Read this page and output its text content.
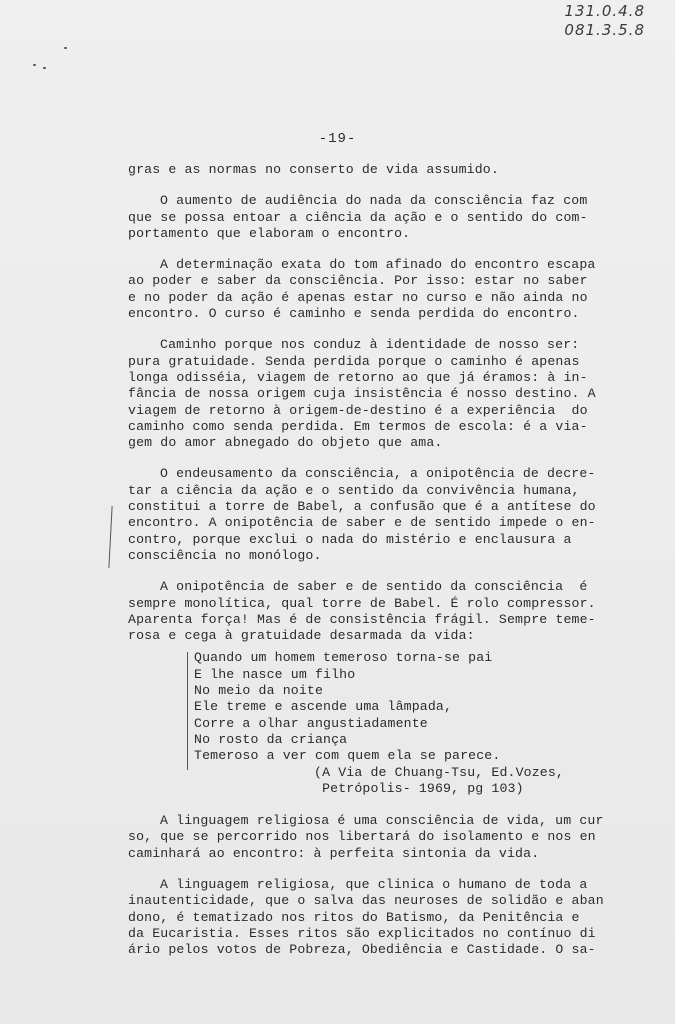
131.0.4.8
081.3.5.8
-19-

gras e as normas no conserto de vida assumido.

O aumento de audiência do nada da consciência faz com
que se possa entoar a ciência da ação e o sentido do com-
portamento que elaboram o encontro.

A determinação exata do tom afinado do encontro escapa
ao poder e saber da consciência. Por isso: estar no saber
e no poder da ação é apenas estar no curso e não ainda no
encontro. O curso é caminho e senda perdida do encontro.

Caminho porque nos conduz à identidade de nosso ser:
pura gratuidade. Senda perdida porque o caminho é apenas
longa odisséia, viagem de retorno ao que já éramos: à in-
fância de nossa origem cuja insistência é nosso destino. A
viagem de retorno à origem-de-destino é a experiência  do
caminho como senda perdida. Em termos de escola: é a via-
gem do amor abnegado do objeto que ama.

O endeusamento da consciência, a onipotência de decre-
tar a ciência da ação e o sentido da convivência humana,
constitui a torre de Babel, a confusão que é a antítese do
encontro. A onipotência de saber e de sentido impede o en-
contro, porque exclui o nada do mistério e enclausura a
consciência no monólogo.

A onipotência de saber e de sentido da consciência  é
sempre monolítica, qual torre de Babel. É rolo compressor.
Aparenta força! Mas é de consistência frágil. Sempre teme-
rosa e cega à gratuidade desarmada da vida:

Quando um homem temeroso torna-se pai
E lhe nasce um filho
No meio da noite
Ele treme e ascende uma lâmpada,
Corre a olhar angustiadamente
No rosto da criança
Temeroso a ver com quem ela se parece.
(A Via de Chuang-Tsu, Ed.Vozes,
Petrópolis- 1969, pg 103)

A linguagem religiosa é uma consciência de vida, um cur
so, que se percorrido nos libertará do isolamento e nos en
caminhará ao encontro: à perfeita sintonia da vida.

A linguagem religiosa, que clinica o humano de toda a
inautenticidade, que o salva das neuroses de solidão e aban
dono, é tematizado nos ritos do Batismo, da Penitência e
da Eucaristia. Esses ritos são explicitados no contínuo di
ário pelos votos de Pobreza, Obediência e Castidade. O sa-
